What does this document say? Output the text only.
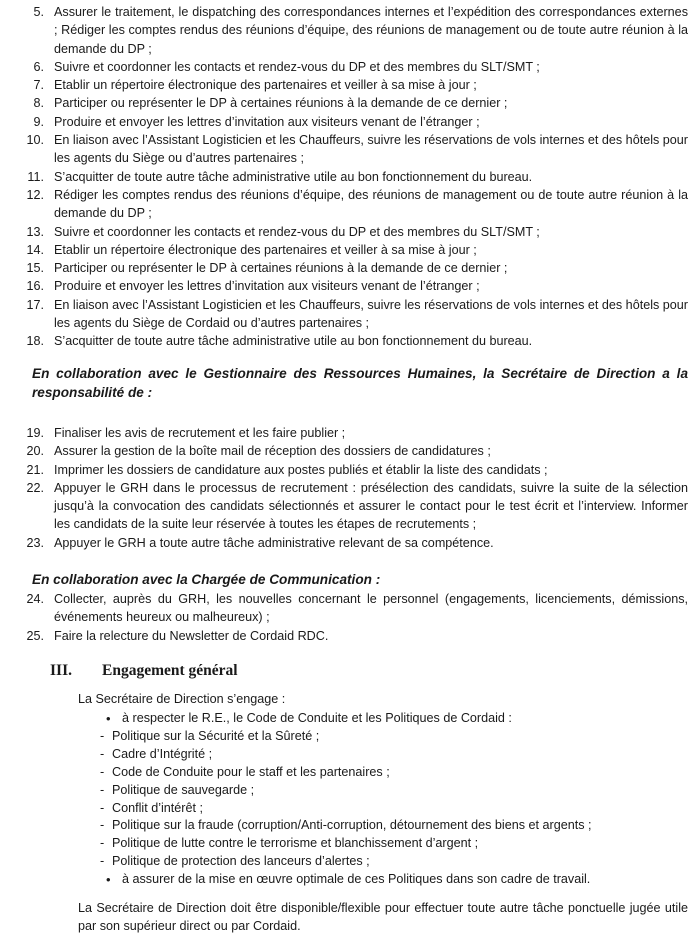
5. Assurer le traitement, le dispatching des correspondances internes et l’expédition des correspondances externes ; Rédiger les comptes rendus des réunions d’équipe, des réunions de management ou de toute autre réunion à la demande du DP ;
6. Suivre et coordonner les contacts et rendez-vous du DP et des membres du SLT/SMT ;
7. Etablir un répertoire électronique des partenaires et veiller à sa mise à jour ;
8. Participer ou représenter le DP à certaines réunions à la demande de ce dernier ;
9. Produire et envoyer les lettres d’invitation aux visiteurs venant de l’étranger ;
10. En liaison avec l’Assistant Logisticien et les Chauffeurs, suivre les réservations de vols internes et des hôtels pour les agents du Siège ou d’autres partenaires ;
11. S’acquitter de toute autre tâche administrative utile au bon fonctionnement du bureau.
12. Rédiger les comptes rendus des réunions d’équipe, des réunions de management ou de toute autre réunion à la demande du DP ;
13. Suivre et coordonner les contacts et rendez-vous du DP et des membres du SLT/SMT ;
14. Etablir un répertoire électronique des partenaires et veiller à sa mise à jour ;
15. Participer ou représenter le DP à certaines réunions à la demande de ce dernier ;
16. Produire et envoyer les lettres d’invitation aux visiteurs venant de l’étranger ;
17. En liaison avec l’Assistant Logisticien et les Chauffeurs, suivre les réservations de vols internes et des hôtels pour les agents du Siège de Cordaid ou d’autres partenaires ;
18. S’acquitter de toute autre tâche administrative utile au bon fonctionnement du bureau.

En collaboration avec le Gestionnaire des Ressources Humaines, la Secrétaire de Direction a la responsabilité de :

19. Finaliser les avis de recrutement et les faire publier ;
20. Assurer la gestion de la boîte mail de réception des dossiers de candidatures ;
21. Imprimer les dossiers de candidature aux postes publiés et établir la liste des candidats ;
22. Appuyer le GRH dans le processus de recrutement : présélection des candidats, suivre la suite de la sélection jusqu’à la convocation des candidats sélectionnés et assurer le contact pour le test écrit et l’interview. Informer les candidats de la suite leur réservée à toutes les étapes de recrutements ;
23. Appuyer le GRH a toute autre tâche administrative relevant de sa compétence.

En collaboration avec la Chargée de Communication :

24. Collecter, auprès du GRH, les nouvelles concernant le personnel (engagements, licenciements, démissions, événements heureux ou malheureux) ;
25. Faire la relecture du Newsletter de Cordaid RDC.
III. Engagement général

La Secrétaire de Direction s’engage :

• à respecter le R.E., le Code de Conduite et les Politiques de Cordaid :
- Politique sur la Sécurité et la Sûreté ;
- Cadre d’Intégrité ;
- Code de Conduite pour le staff et les partenaires ;
- Politique de sauvegarde ;
- Conflit d’intérêt ;
- Politique sur la fraude (corruption/Anti-corruption, détournement des biens et argents ;
- Politique de lutte contre le terrorisme et blanchissement d’argent ;
- Politique de protection des lanceurs d’alertes ;
• à assurer de la mise en œuvre optimale de ces Politiques dans son cadre de travail.

La Secrétaire de Direction doit être disponible/flexible pour effectuer toute autre tâche ponctuelle jugée utile par son supérieur direct ou par Cordaid.
